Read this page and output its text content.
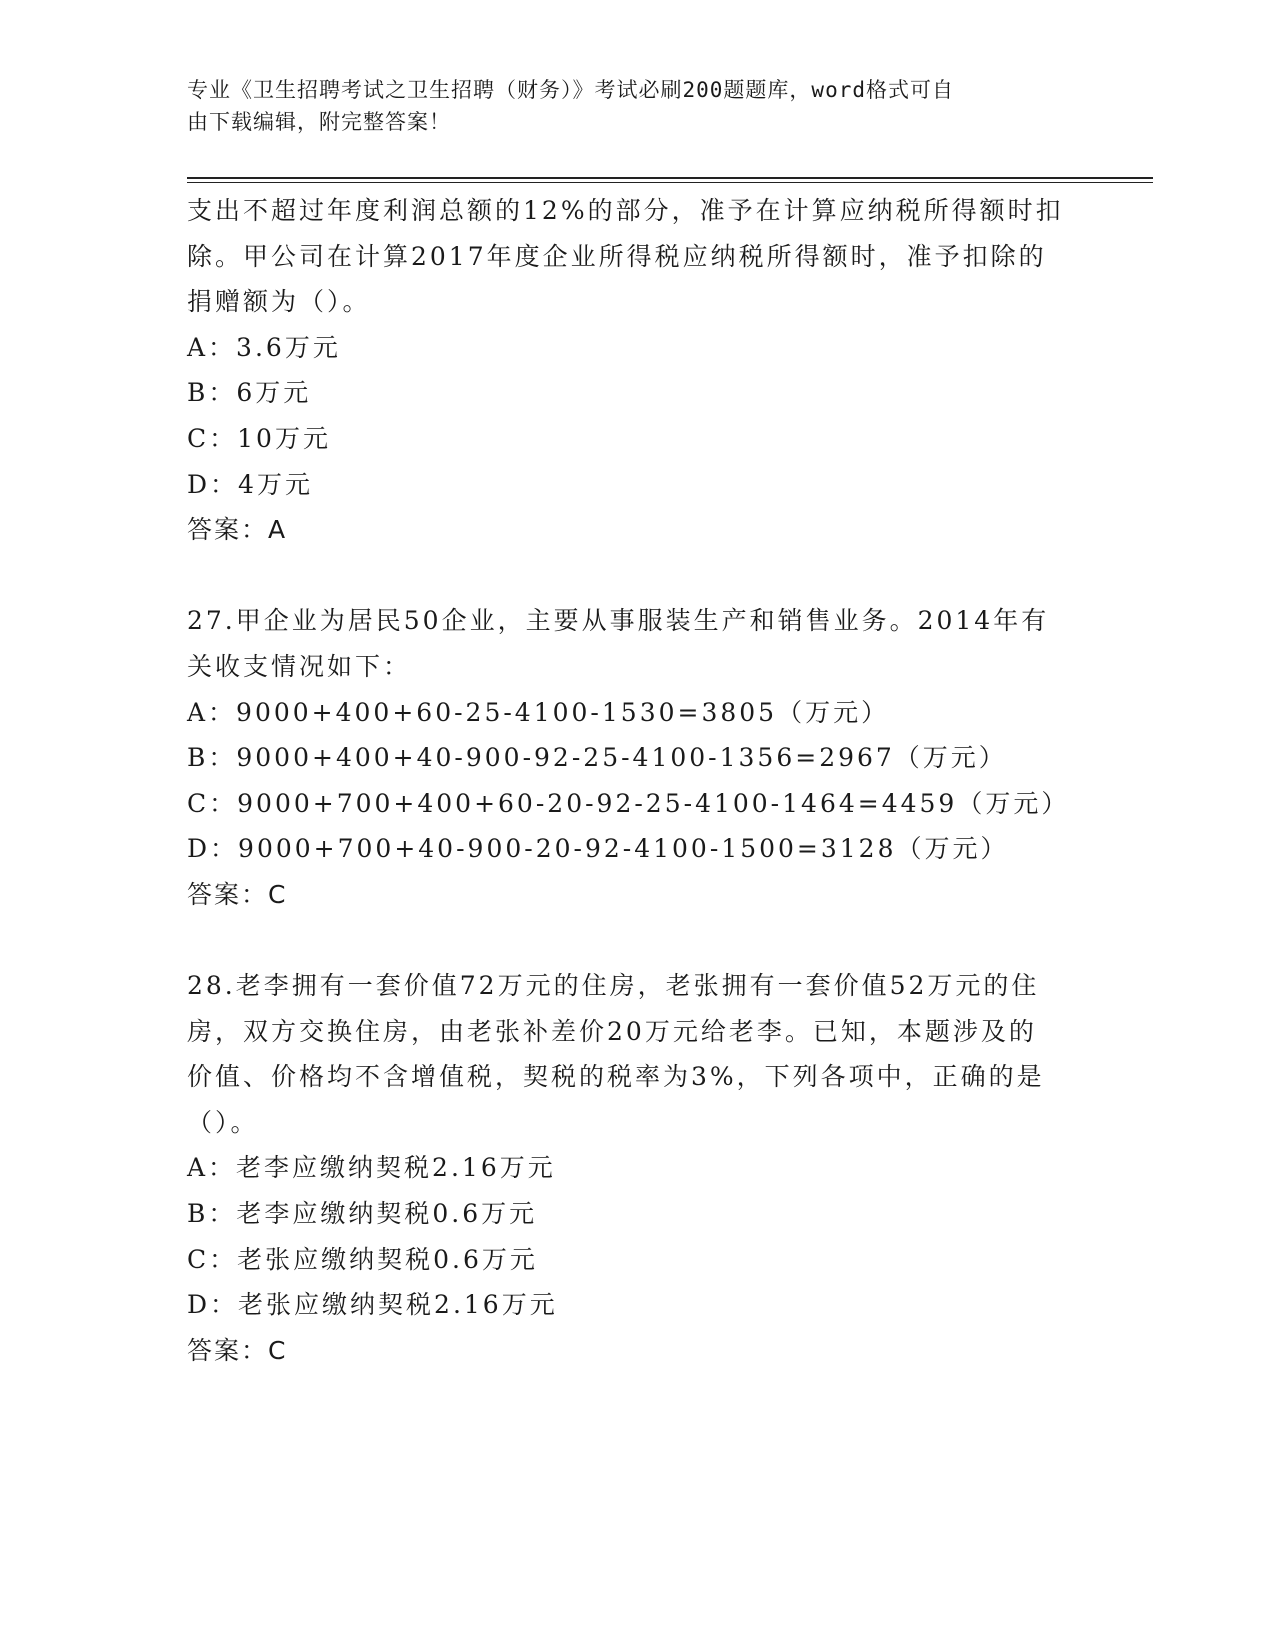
专业《卫生招聘考试之卫生招聘（财务）》考试必刷200题题库，word格式可自
由下载编辑，附完整答案！
支出不超过年度利润总额的12%的部分，准予在计算应纳税所得额时扣
除。甲公司在计算2017年度企业所得税应纳税所得额时，准予扣除的
捐赠额为（）。
A：3.6万元
B：6万元
C：10万元
D：4万元
答案：A
27.甲企业为居民50企业，主要从事服装生产和销售业务。2014年有
关收支情况如下：
A：9000+400+60-25-4100-1530=3805（万元）
B：9000+400+40-900-92-25-4100-1356=2967（万元）
C：9000+700+400+60-20-92-25-4100-1464=4459（万元）
D：9000+700+40-900-20-92-4100-1500=3128（万元）
答案：C
28.老李拥有一套价值72万元的住房，老张拥有一套价值52万元的住
房，双方交换住房，由老张补差价20万元给老李。已知，本题涉及的
价值、价格均不含增值税，契税的税率为3%，下列各项中，正确的是
（）。
A：老李应缴纳契税2.16万元
B：老李应缴纳契税0.6万元
C：老张应缴纳契税0.6万元
D：老张应缴纳契税2.16万元
答案：C
